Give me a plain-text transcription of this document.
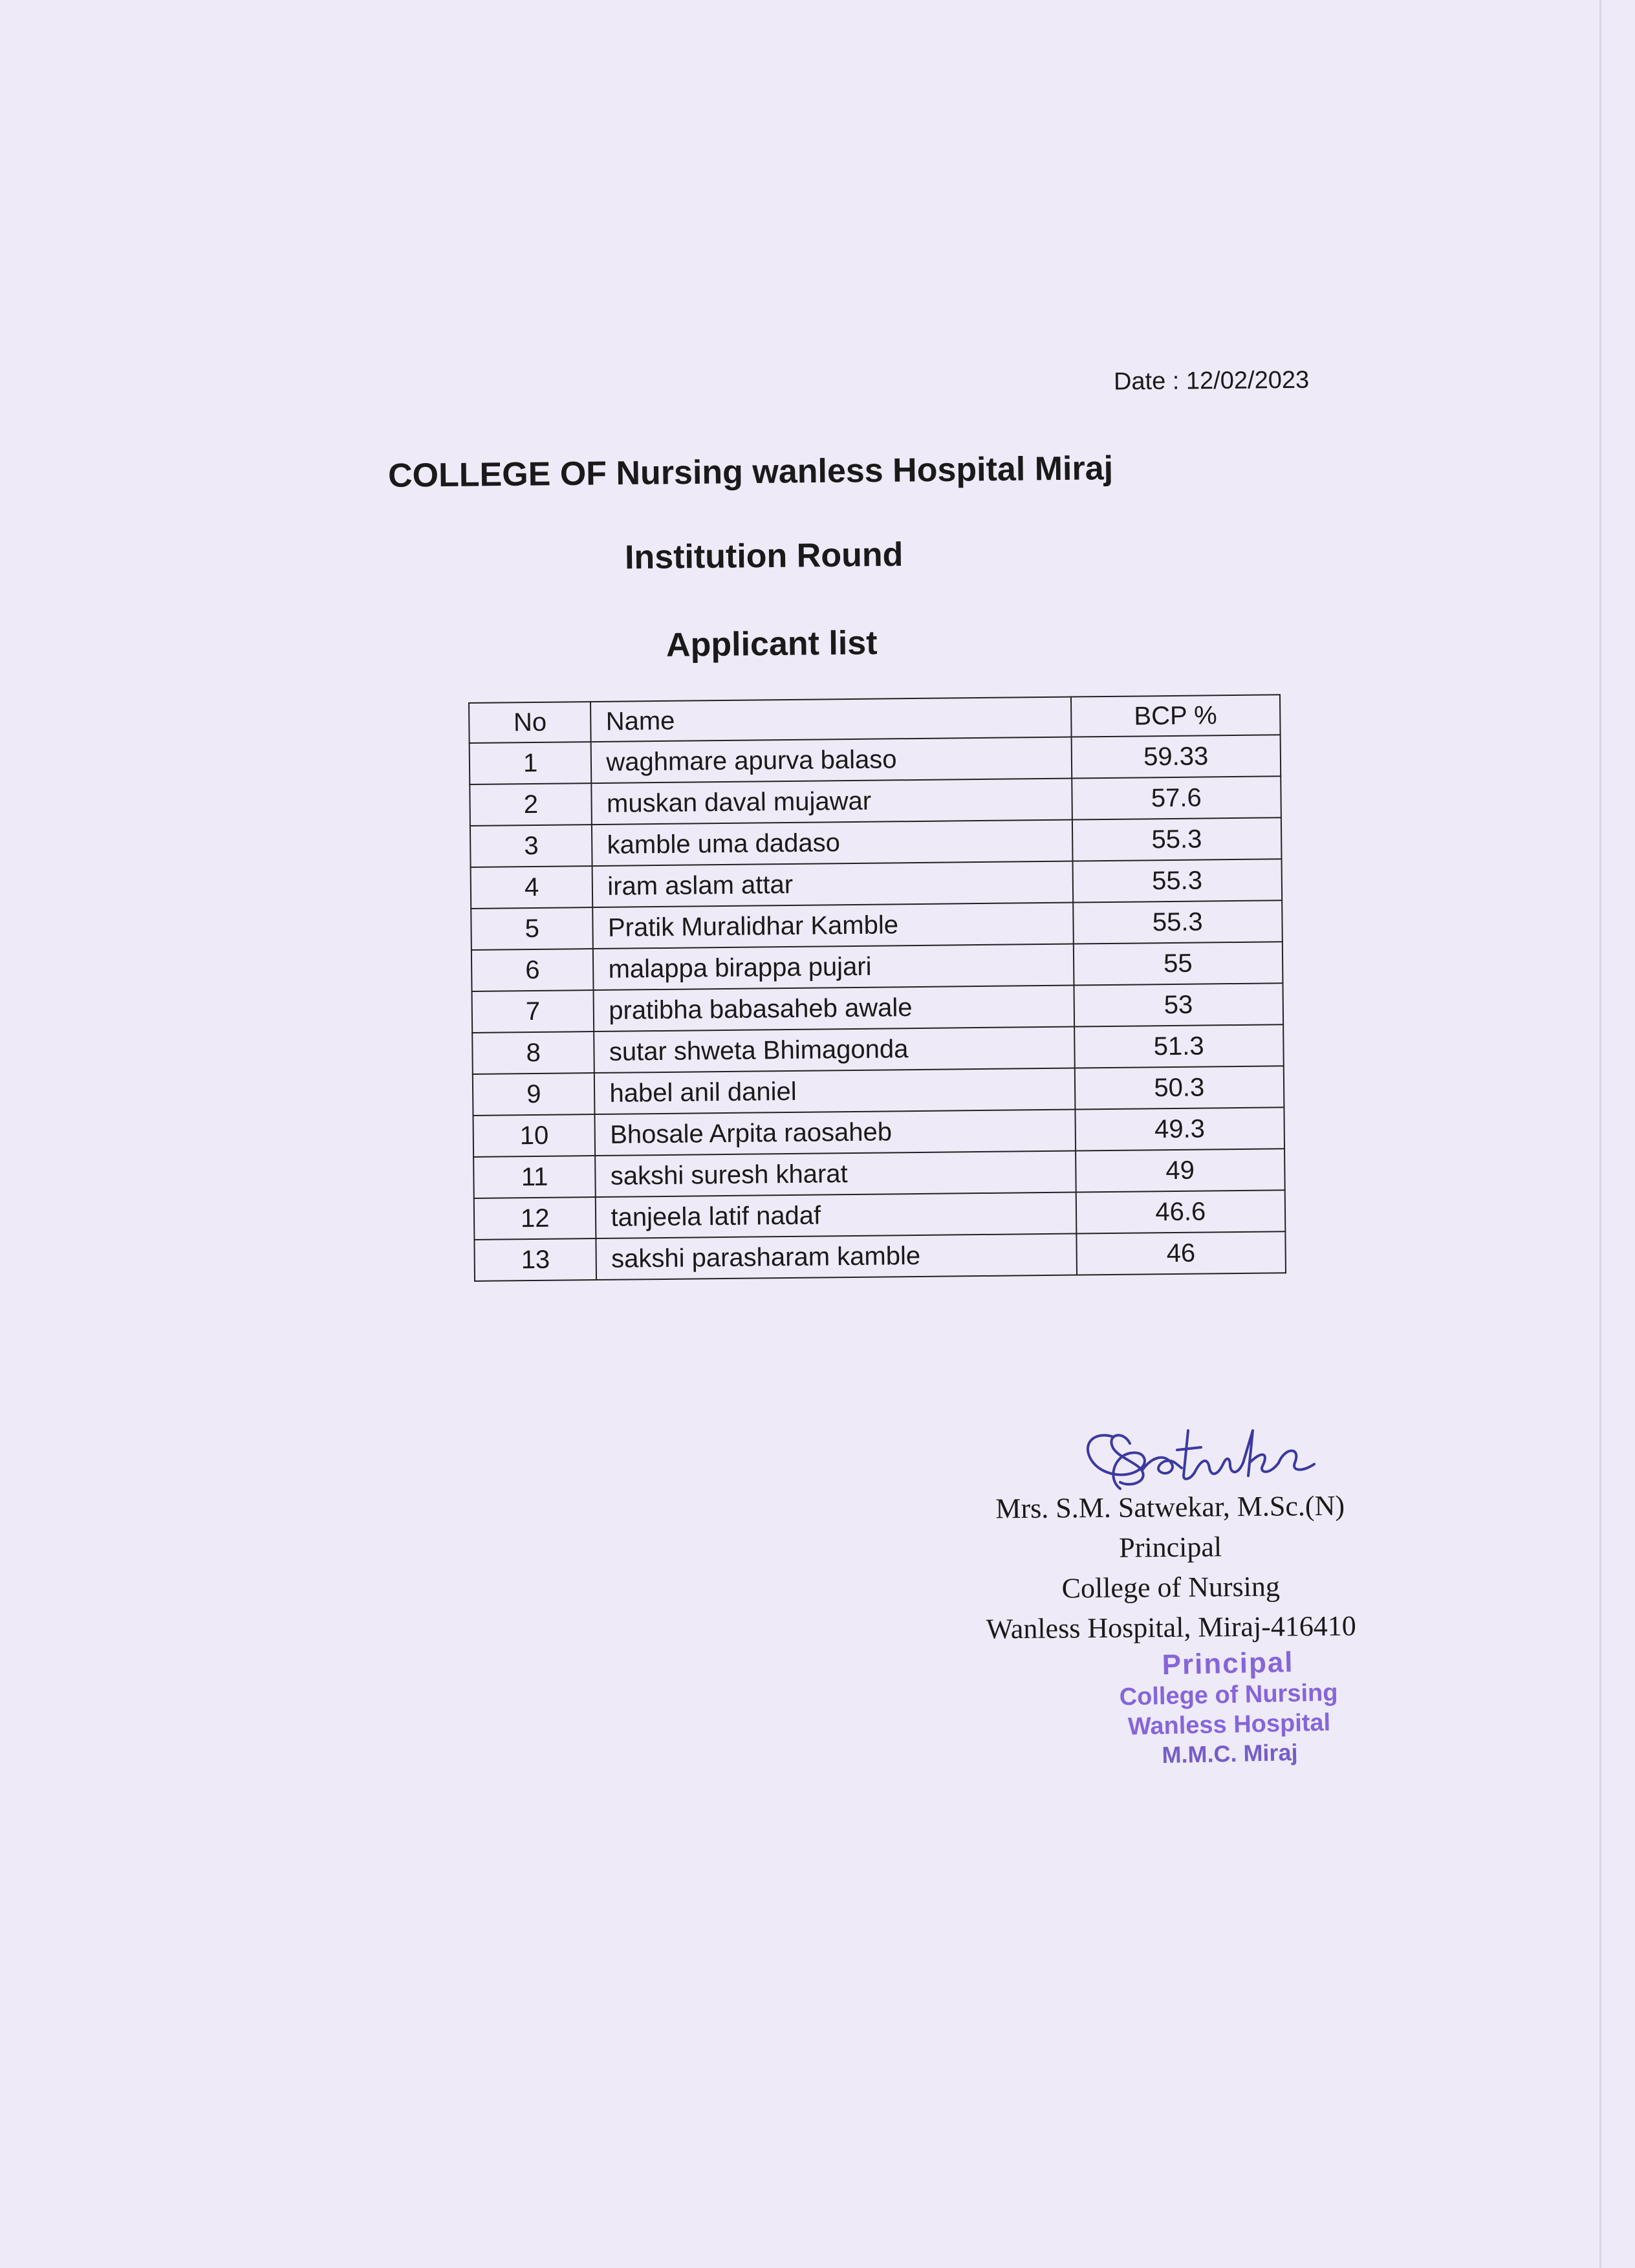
Date : 12/02/2023
COLLEGE OF Nursing wanless Hospital Miraj
Institution Round
Applicant list
No	Name	BCP %
1	waghmare apurva balaso	59.33
2	muskan daval mujawar	57.6
3	kamble uma dadaso	55.3
4	iram aslam attar	55.3
5	Pratik Muralidhar Kamble	55.3
6	malappa birappa pujari	55
7	pratibha babasaheb awale	53
8	sutar shweta Bhimagonda	51.3
9	habel anil daniel	50.3
10	Bhosale Arpita raosaheb	49.3
11	sakshi suresh kharat	49
12	tanjeela latif nadaf	46.6
13	sakshi parasharam kamble	46
Mrs. S.M. Satwekar, M.Sc.(N)
Principal
College of Nursing
Wanless Hospital, Miraj-416410
Principal
College of Nursing
Wanless Hospital
M.M.C. Miraj
